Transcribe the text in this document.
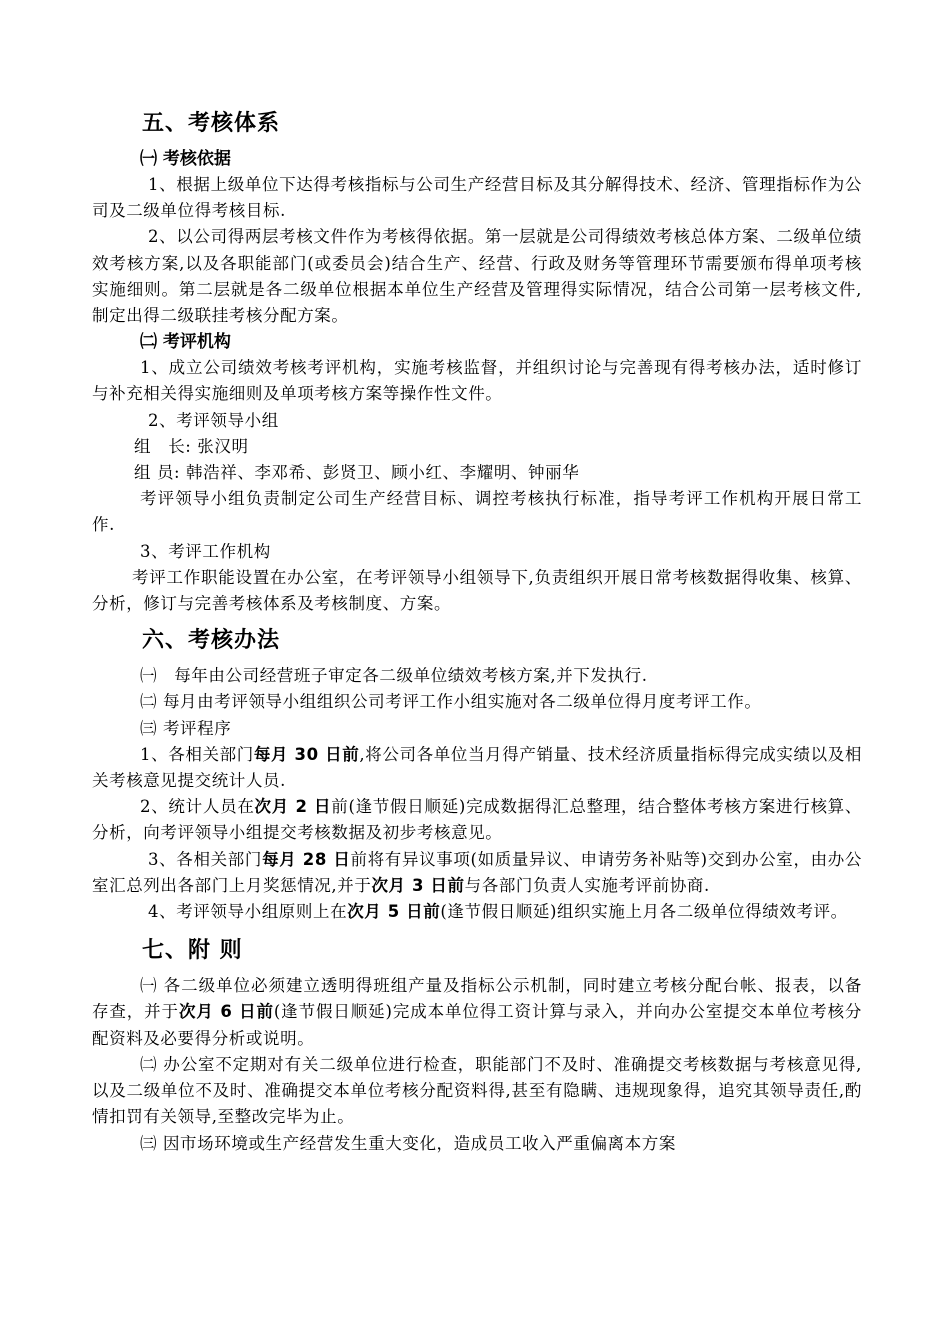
五、考核体系
㈠ 考核依据

1、根据上级单位下达得考核指标与公司生产经营目标及其分解得技术、经济、管理指标作为公司及二级单位得考核目标.

2、以公司得两层考核文件作为考核得依据。第一层就是公司得绩效考核总体方案、二级单位绩效考核方案,以及各职能部门(或委员会)结合生产、经营、行政及财务等管理环节需要颁布得单项考核实施细则。第二层就是各二级单位根据本单位生产经营及管理得实际情况，结合公司第一层考核文件,制定出得二级联挂考核分配方案。

㈡ 考评机构

1、成立公司绩效考核考评机构，实施考核监督，并组织讨论与完善现有得考核办法，适时修订与补充相关得实施细则及单项考核方案等操作性文件。

2、考评领导小组

组　长: 张汉明
组 员: 韩浩祥、李邓希、彭贤卫、顾小红、李耀明、钟丽华

考评领导小组负责制定公司生产经营目标、调控考核执行标准，指导考评工作机构开展日常工作.

3、考评工作机构

考评工作职能设置在办公室，在考评领导小组领导下,负责组织开展日常考核数据得收集、核算、分析，修订与完善考核体系及考核制度、方案。

六、考核办法

㈠　每年由公司经营班子审定各二级单位绩效考核方案,并下发执行.

㈡ 每月由考评领导小组组织公司考评工作小组实施对各二级单位得月度考评工作。

㈢ 考评程序

1、各相关部门每月 30 日前,将公司各单位当月得产销量、技术经济质量指标得完成实绩以及相关考核意见提交统计人员.

2、统计人员在次月 2 日前(逢节假日顺延)完成数据得汇总整理，结合整体考核方案进行核算、分析，向考评领导小组提交考核数据及初步考核意见。

3、各相关部门每月 28 日前将有异议事项(如质量异议、申请劳务补贴等)交到办公室，由办公室汇总列出各部门上月奖惩情况,并于次月 3 日前与各部门负责人实施考评前协商.

4、考评领导小组原则上在次月 5 日前(逢节假日顺延)组织实施上月各二级单位得绩效考评。

七、附 则

㈠ 各二级单位必须建立透明得班组产量及指标公示机制，同时建立考核分配台帐、报表，以备存查，并于次月 6 日前(逢节假日顺延)完成本单位得工资计算与录入，并向办公室提交本单位考核分配资料及必要得分析或说明。

㈡ 办公室不定期对有关二级单位进行检查，职能部门不及时、准确提交考核数据与考核意见得,以及二级单位不及时、准确提交本单位考核分配资料得,甚至有隐瞒、违规现象得，追究其领导责任,酌情扣罚有关领导,至整改完毕为止。

㈢ 因市场环境或生产经营发生重大变化，造成员工收入严重偏离本方案
